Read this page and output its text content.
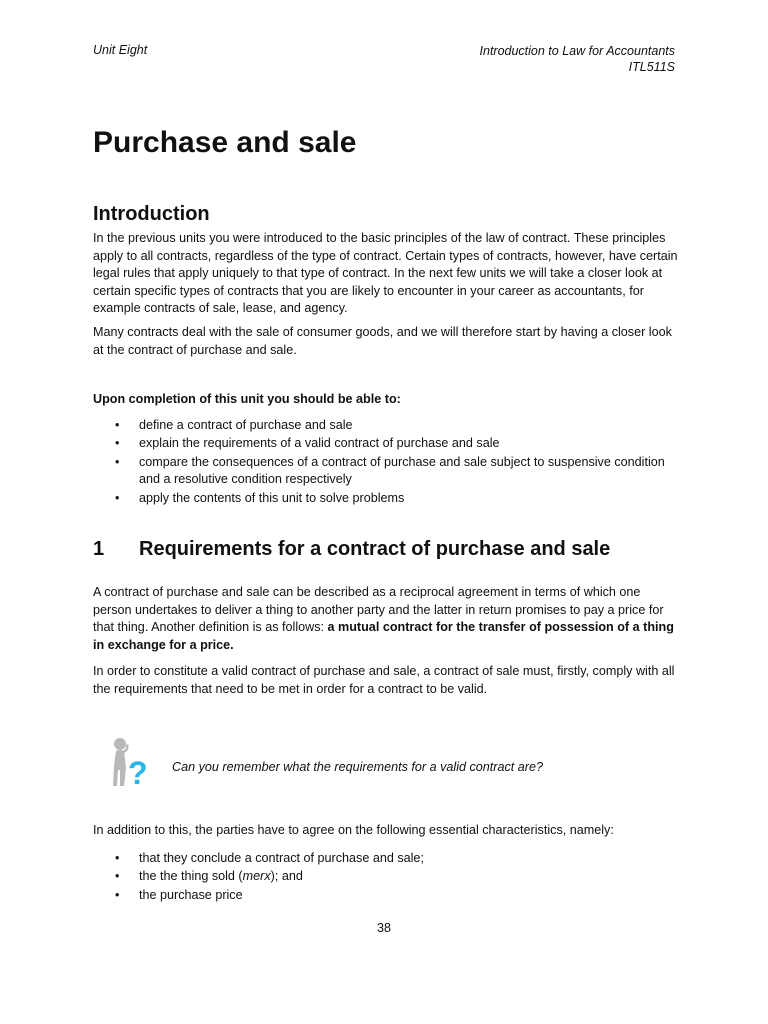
Unit Eight	Introduction to Law for Accountants
ITL511S
Purchase and sale
Introduction

In the previous units you were introduced to the basic principles of the law of contract. These principles apply to all contracts, regardless of the type of contract. Certain types of contracts, however, have certain legal rules that apply uniquely to that type of contract. In the next few units we will take a closer look at certain specific types of contracts that you are likely to encounter in your career as accountants, for example contracts of sale, lease, and agency.

Many contracts deal with the sale of consumer goods, and we will therefore start by having a closer look at the contract of purchase and sale.

Upon completion of this unit you should be able to:
• define a contract of purchase and sale
• explain the requirements of a valid contract of purchase and sale
• compare the consequences of a contract of purchase and sale subject to suspensive condition and a resolutive condition respectively
• apply the contents of this unit to solve problems
1 Requirements for a contract of purchase and sale

A contract of purchase and sale can be described as a reciprocal agreement in terms of which one person undertakes to deliver a thing to another party and the latter in return promises to pay a price for that thing. Another definition is as follows: a mutual contract for the transfer of possession of a thing in exchange for a price.

In order to constitute a valid contract of purchase and sale, a contract of sale must, firstly, comply with all the requirements that need to be met in order for a contract to be valid.

? Can you remember what the requirements for a valid contract are?

In addition to this, the parties have to agree on the following essential characteristics, namely:

• that they conclude a contract of purchase and sale;
• the the thing sold (merx); and
• the purchase price
38
